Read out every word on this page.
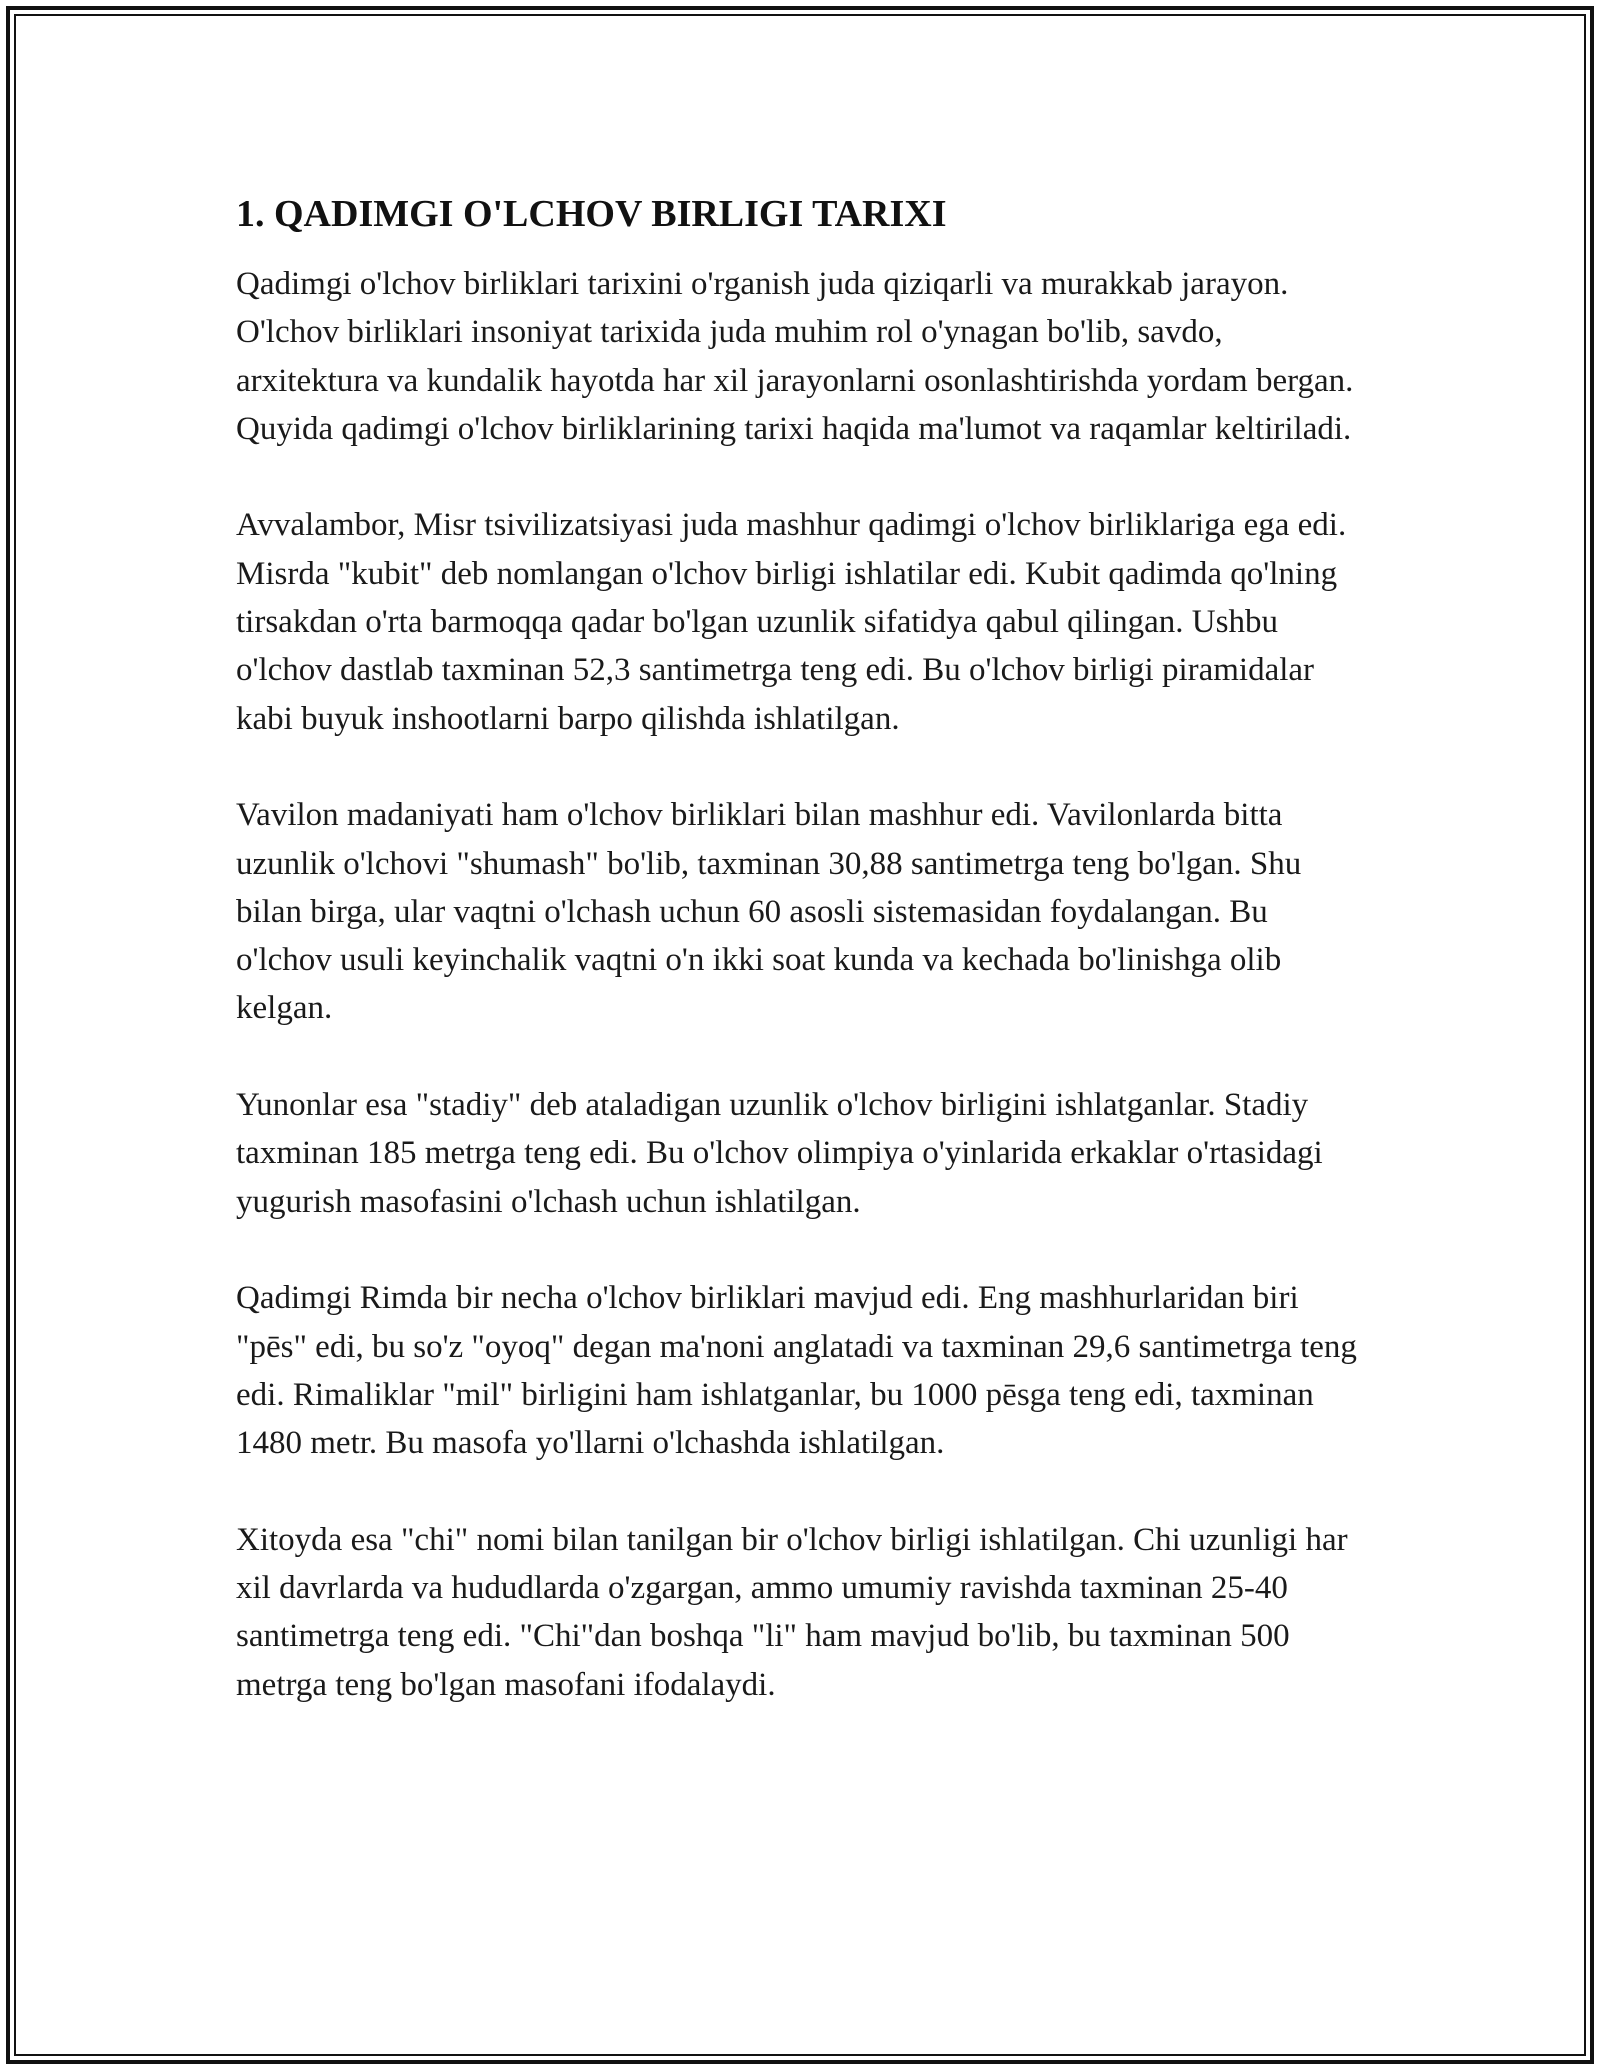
1. QADIMGI O'LCHOV BIRLIGI TARIXI

Qadimgi o'lchov birliklari tarixini o'rganish juda qiziqarli va murakkab jarayon. O'lchov birliklari insoniyat tarixida juda muhim rol o'ynagan bo'lib, savdo, arxitektura va kundalik hayotda har xil jarayonlarni osonlashtirishda yordam bergan. Quyida qadimgi o'lchov birliklarining tarixi haqida ma'lumot va raqamlar keltiriladi.

Avvalambor, Misr tsivilizatsiyasi juda mashhur qadimgi o'lchov birliklariga ega edi. Misrda "kubit" deb nomlangan o'lchov birligi ishlatilar edi. Kubit qadimda qo'lning tirsakdan o'rta barmoqqa qadar bo'lgan uzunlik sifatidya qabul qilingan. Ushbu o'lchov dastlab taxminan 52,3 santimetrga teng edi. Bu o'lchov birligi piramidalar kabi buyuk inshootlarni barpo qilishda ishlatilgan.

Vavilon madaniyati ham o'lchov birliklari bilan mashhur edi. Vavilonlarda bitta uzunlik o'lchovi "shumash" bo'lib, taxminan 30,88 santimetrga teng bo'lgan. Shu bilan birga, ular vaqtni o'lchash uchun 60 asosli sistemasidan foydalangan. Bu o'lchov usuli keyinchalik vaqtni o'n ikki soat kunda va kechada bo'linishga olib kelgan.

Yunonlar esa "stadiy" deb ataladigan uzunlik o'lchov birligini ishlatganlar. Stadiy taxminan 185 metrga teng edi. Bu o'lchov olimpiya o'yinlarida erkaklar o'rtasidagi yugurish masofasini o'lchash uchun ishlatilgan.

Qadimgi Rimda bir necha o'lchov birliklari mavjud edi. Eng mashhurlaridan biri "pēs" edi, bu so'z "oyoq" degan ma'noni anglatadi va taxminan 29,6 santimetrga teng edi. Rimaliklar "mil" birligini ham ishlatganlar, bu 1000 pēsga teng edi, taxminan 1480 metr. Bu masofa yo'llarni o'lchashda ishlatilgan.

Xitoyda esa "chi" nomi bilan tanilgan bir o'lchov birligi ishlatilgan. Chi uzunligi har xil davrlarda va hududlarda o'zgargan, ammo umumiy ravishda taxminan 25-40 santimetrga teng edi. "Chi"dan boshqa "li" ham mavjud bo'lib, bu taxminan 500 metrga teng bo'lgan masofani ifodalaydi.
